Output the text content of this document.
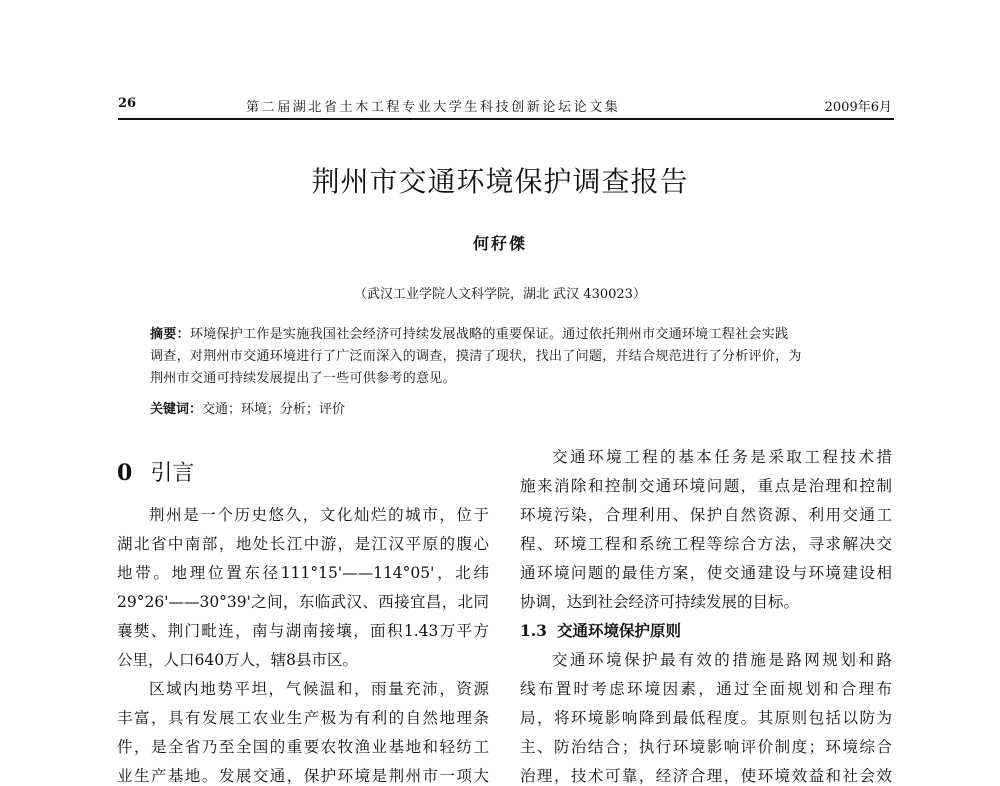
26	第二届湖北省土木工程专业大学生科技创新论坛论文集	2009年6月
荆州市交通环境保护调查报告
何秄傑
（武汉工业学院人文科学院，湖北 武汉 430023）
摘要：环境保护工作是实施我国社会经济可持续发展战略的重要保证。通过依托荆州市交通环境工程社会实践
调查，对荆州市交通环境进行了广泛而深入的调查，摸清了现状，找出了问题，并结合规范进行了分析评价，为
荆州市交通可持续发展提出了一些可供参考的意见。
关键词：交通；环境；分析；评价
0 引言
荆州是一个历史悠久，文化灿烂的城市，位于
湖北省中南部，地处长江中游，是江汉平原的腹心
地带。地理位置东径111°15'——114°05'，北纬
29°26'——30°39'之间，东临武汉、西接宜昌，北同
襄樊、荆门毗连，南与湖南接壤，面积1.43万平方
公里，人口640万人，辖8县市区。
区域内地势平坦，气候温和，雨量充沛，资源
丰富，具有发展工农业生产极为有利的自然地理条
件，是全省乃至全国的重要农牧渔业基地和轻纺工
业生产基地。发展交通，保护环境是荆州市一项大
交通环境工程的基本任务是采取工程技术措
施来消除和控制交通环境问题，重点是治理和控制
环境污染，合理利用、保护自然资源、利用交通工
程、环境工程和系统工程等综合方法，寻求解决交
通环境问题的最佳方案，使交通建设与环境建设相
协调，达到社会经济可持续发展的目标。
1.3 交通环境保护原则
交通环境保护最有效的措施是路网规划和路
线布置时考虑环境因素，通过全面规划和合理布
局，将环境影响降到最低程度。其原则包括以防为
主、防治结合；执行环境影响评价制度；环境综合
治理，技术可靠，经济合理，使环境效益和社会效
